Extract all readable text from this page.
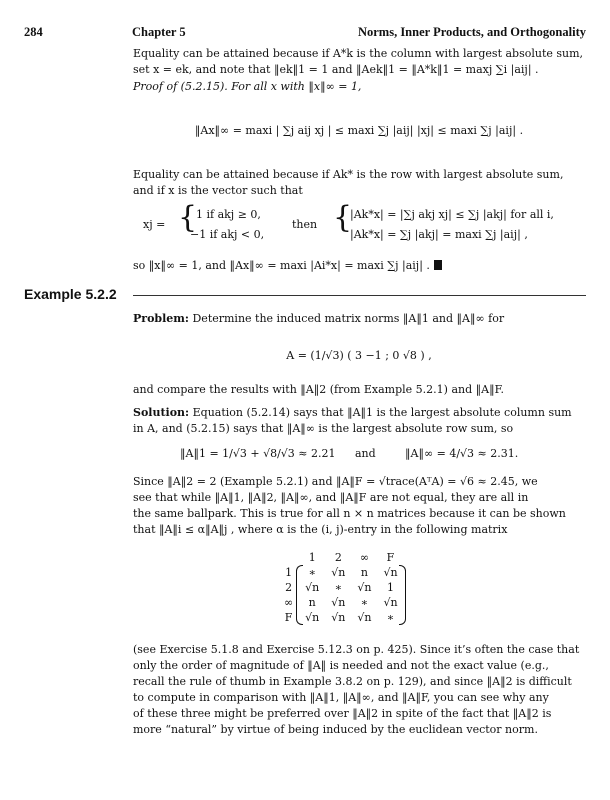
284	Chapter 5	Norms, Inner Products, and Orthogonality
Equality can be attained because if A*k is the column with largest absolute sum,
set x = ek, and note that ‖ek‖1 = 1 and ‖Aek‖1 = ‖A*k‖1 = maxj ∑i |aij| .
Proof of (5.2.15). For all x with ‖x‖∞ = 1,
‖Ax‖∞ = maxi | ∑j aij xj | ≤ maxi ∑j |aij| |xj| ≤ maxi ∑j |aij| .
Equality can be attained because if Ak* is the row with largest absolute sum,
and if x is the vector such that
xj = {
1 if akj ≥ 0,
−1 if akj < 0,
then {
|Ak*x| = |∑j akj xj| ≤ ∑j |akj| for all i,
|Ak*x| = ∑j |akj| = maxi ∑j |aij| ,
so ‖x‖∞ = 1, and ‖Ax‖∞ = maxi |Ai*x| = maxi ∑j |aij| .
Example 5.2.2
Problem: Determine the induced matrix norms ‖A‖1 and ‖A‖∞ for
A = (1/√3) ( 3 −1 ; 0 √8 ) ,
and compare the results with ‖A‖2 (from Example 5.2.1) and ‖A‖F.
Solution: Equation (5.2.14) says that ‖A‖1 is the largest absolute column sum
in A, and (5.2.15) says that ‖A‖∞ is the largest absolute row sum, so
‖A‖1 = 1/√3 + √8/√3 ≈ 2.21 and	‖A‖∞ = 4/√3 ≈ 2.31.
Since ‖A‖2 = 2 (Example 5.2.1) and ‖A‖F = √trace(AᵀA) = √6 ≈ 2.45, we
see that while ‖A‖1, ‖A‖2, ‖A‖∞, and ‖A‖F are not equal, they are all in
the same ballpark. This is true for all n × n matrices because it can be shown
that ‖A‖i ≤ α‖A‖j , where α is the (i, j)-entry in the following matrix
	1	2	∞	F
1	∗	√n	n	√n
2	√n	∗	√n	1
∞	n	√n	∗	√n
F	√n	√n	√n	∗
(see Exercise 5.1.8 and Exercise 5.12.3 on p. 425). Since it’s often the case that
only the order of magnitude of ‖A‖ is needed and not the exact value (e.g.,
recall the rule of thumb in Example 3.8.2 on p. 129), and since ‖A‖2 is difficult
to compute in comparison with ‖A‖1, ‖A‖∞, and ‖A‖F, you can see why any
of these three might be preferred over ‖A‖2 in spite of the fact that ‖A‖2 is
more “natural” by virtue of being induced by the euclidean vector norm.
